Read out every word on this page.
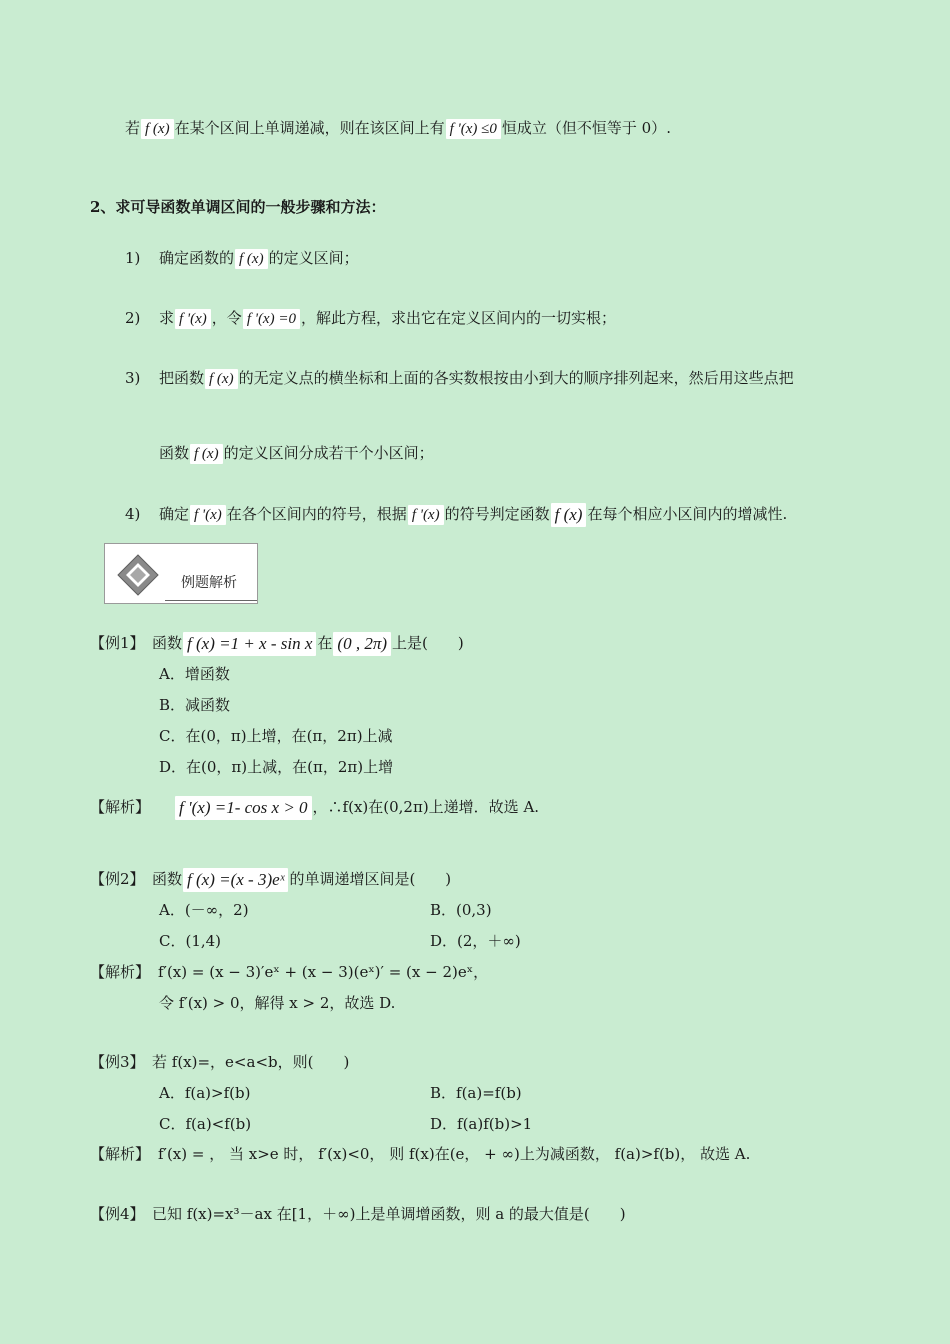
若 f (x) 在某个区间上单调递减，则在该区间上有 f '(x) ≤0 恒成立（但不恒等于 0）.
2、求可导函数单调区间的一般步骤和方法：
1) 确定函数的 f (x) 的定义区间；
2) 求 f '(x) ，令 f '(x) =0 ，解此方程，求出它在定义区间内的一切实根；
3) 把函数 f (x) 的无定义点的横坐标和上面的各实数根按由小到大的顺序排列起来，然后用这些点把
函数 f (x) 的定义区间分成若干个小区间；
4) 确定 f '(x) 在各个区间内的符号，根据 f '(x) 的符号判定函数 f (x) 在每个相应小区间内的增减性.
例题解析
【例1】 函数 f (x) =1 + x - sin x 在 (0 , 2π) 上是(　　)
A．增函数
B．减函数
C．在(0，π)上增，在(π，2π)上减
D．在(0，π)上减，在(π，2π)上增
【解析】 f '(x) =1- cos x > 0 ，∴f(x)在(0,2π)上递增．故选 A.
【例2】 函数 f (x) =(x - 3)eˣ 的单调递增区间是(　　)
A．(－∞，2)	B．(0,3)
C．(1,4)	D．(2，＋∞)
【解析】 f′(x) = (x − 3)′eˣ + (x − 3)(eˣ)′ = (x − 2)eˣ，
令 f′(x) > 0，解得 x > 2，故选 D.
【例3】 若 f(x)=，e<a<b，则(　　)
A．f(a)>f(b)	B．f(a)=f(b)
C．f(a)<f(b)	D．f(a)f(b)>1
【解析】 f′(x) = ， 当 x>e 时， f′(x)<0， 则 f(x)在(e， + ∞)上为减函数， f(a)>f(b)， 故选 A.
【例4】 已知 f(x)=x³－ax 在[1，＋∞)上是单调增函数，则 a 的最大值是(　　)
